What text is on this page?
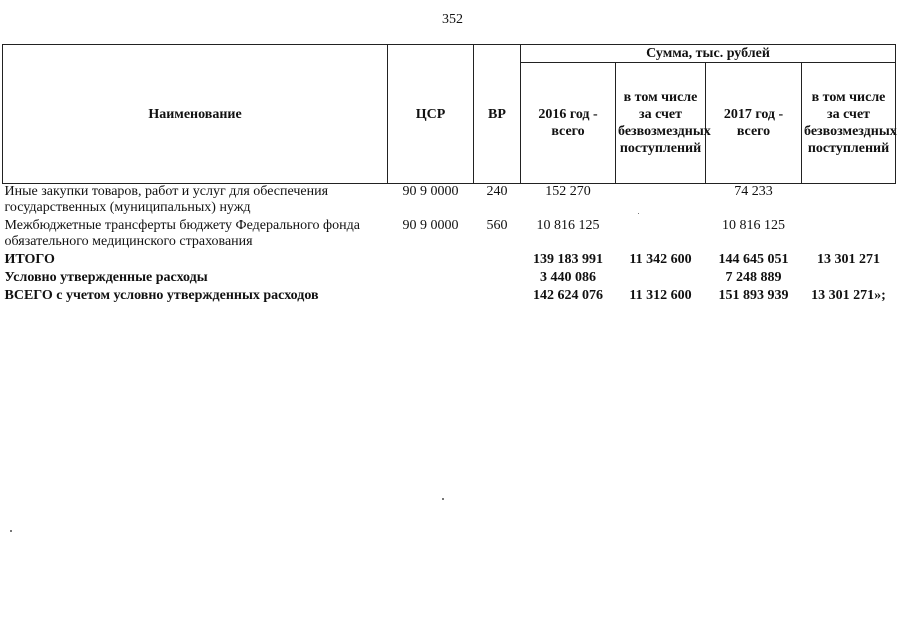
352
Наименование	ЦСР	ВР	Сумма, тыс. рублей			
			2016 год - всего	в том числе за счет безвозмездных поступлений	2017 год - всего	в том числе за счет безвозмездных поступлений
Иные закупки товаров, работ и услуг для обеспечения государственных (муниципальных) нужд	90 9 0000	240	152 270		74 233	
Межбюджетные трансферты бюджету Федерального фонда обязательного медицинского страхования	90 9 0000	560	10 816 125		10 816 125	
ИТОГО			139 183 991	11 342 600	144 645 051	13 301 271
Условно утвержденные расходы			3 440 086		7 248 889	
ВСЕГО с учетом условно утвержденных расходов			142 624 076	11 312 600	151 893 939	13 301 271»;
